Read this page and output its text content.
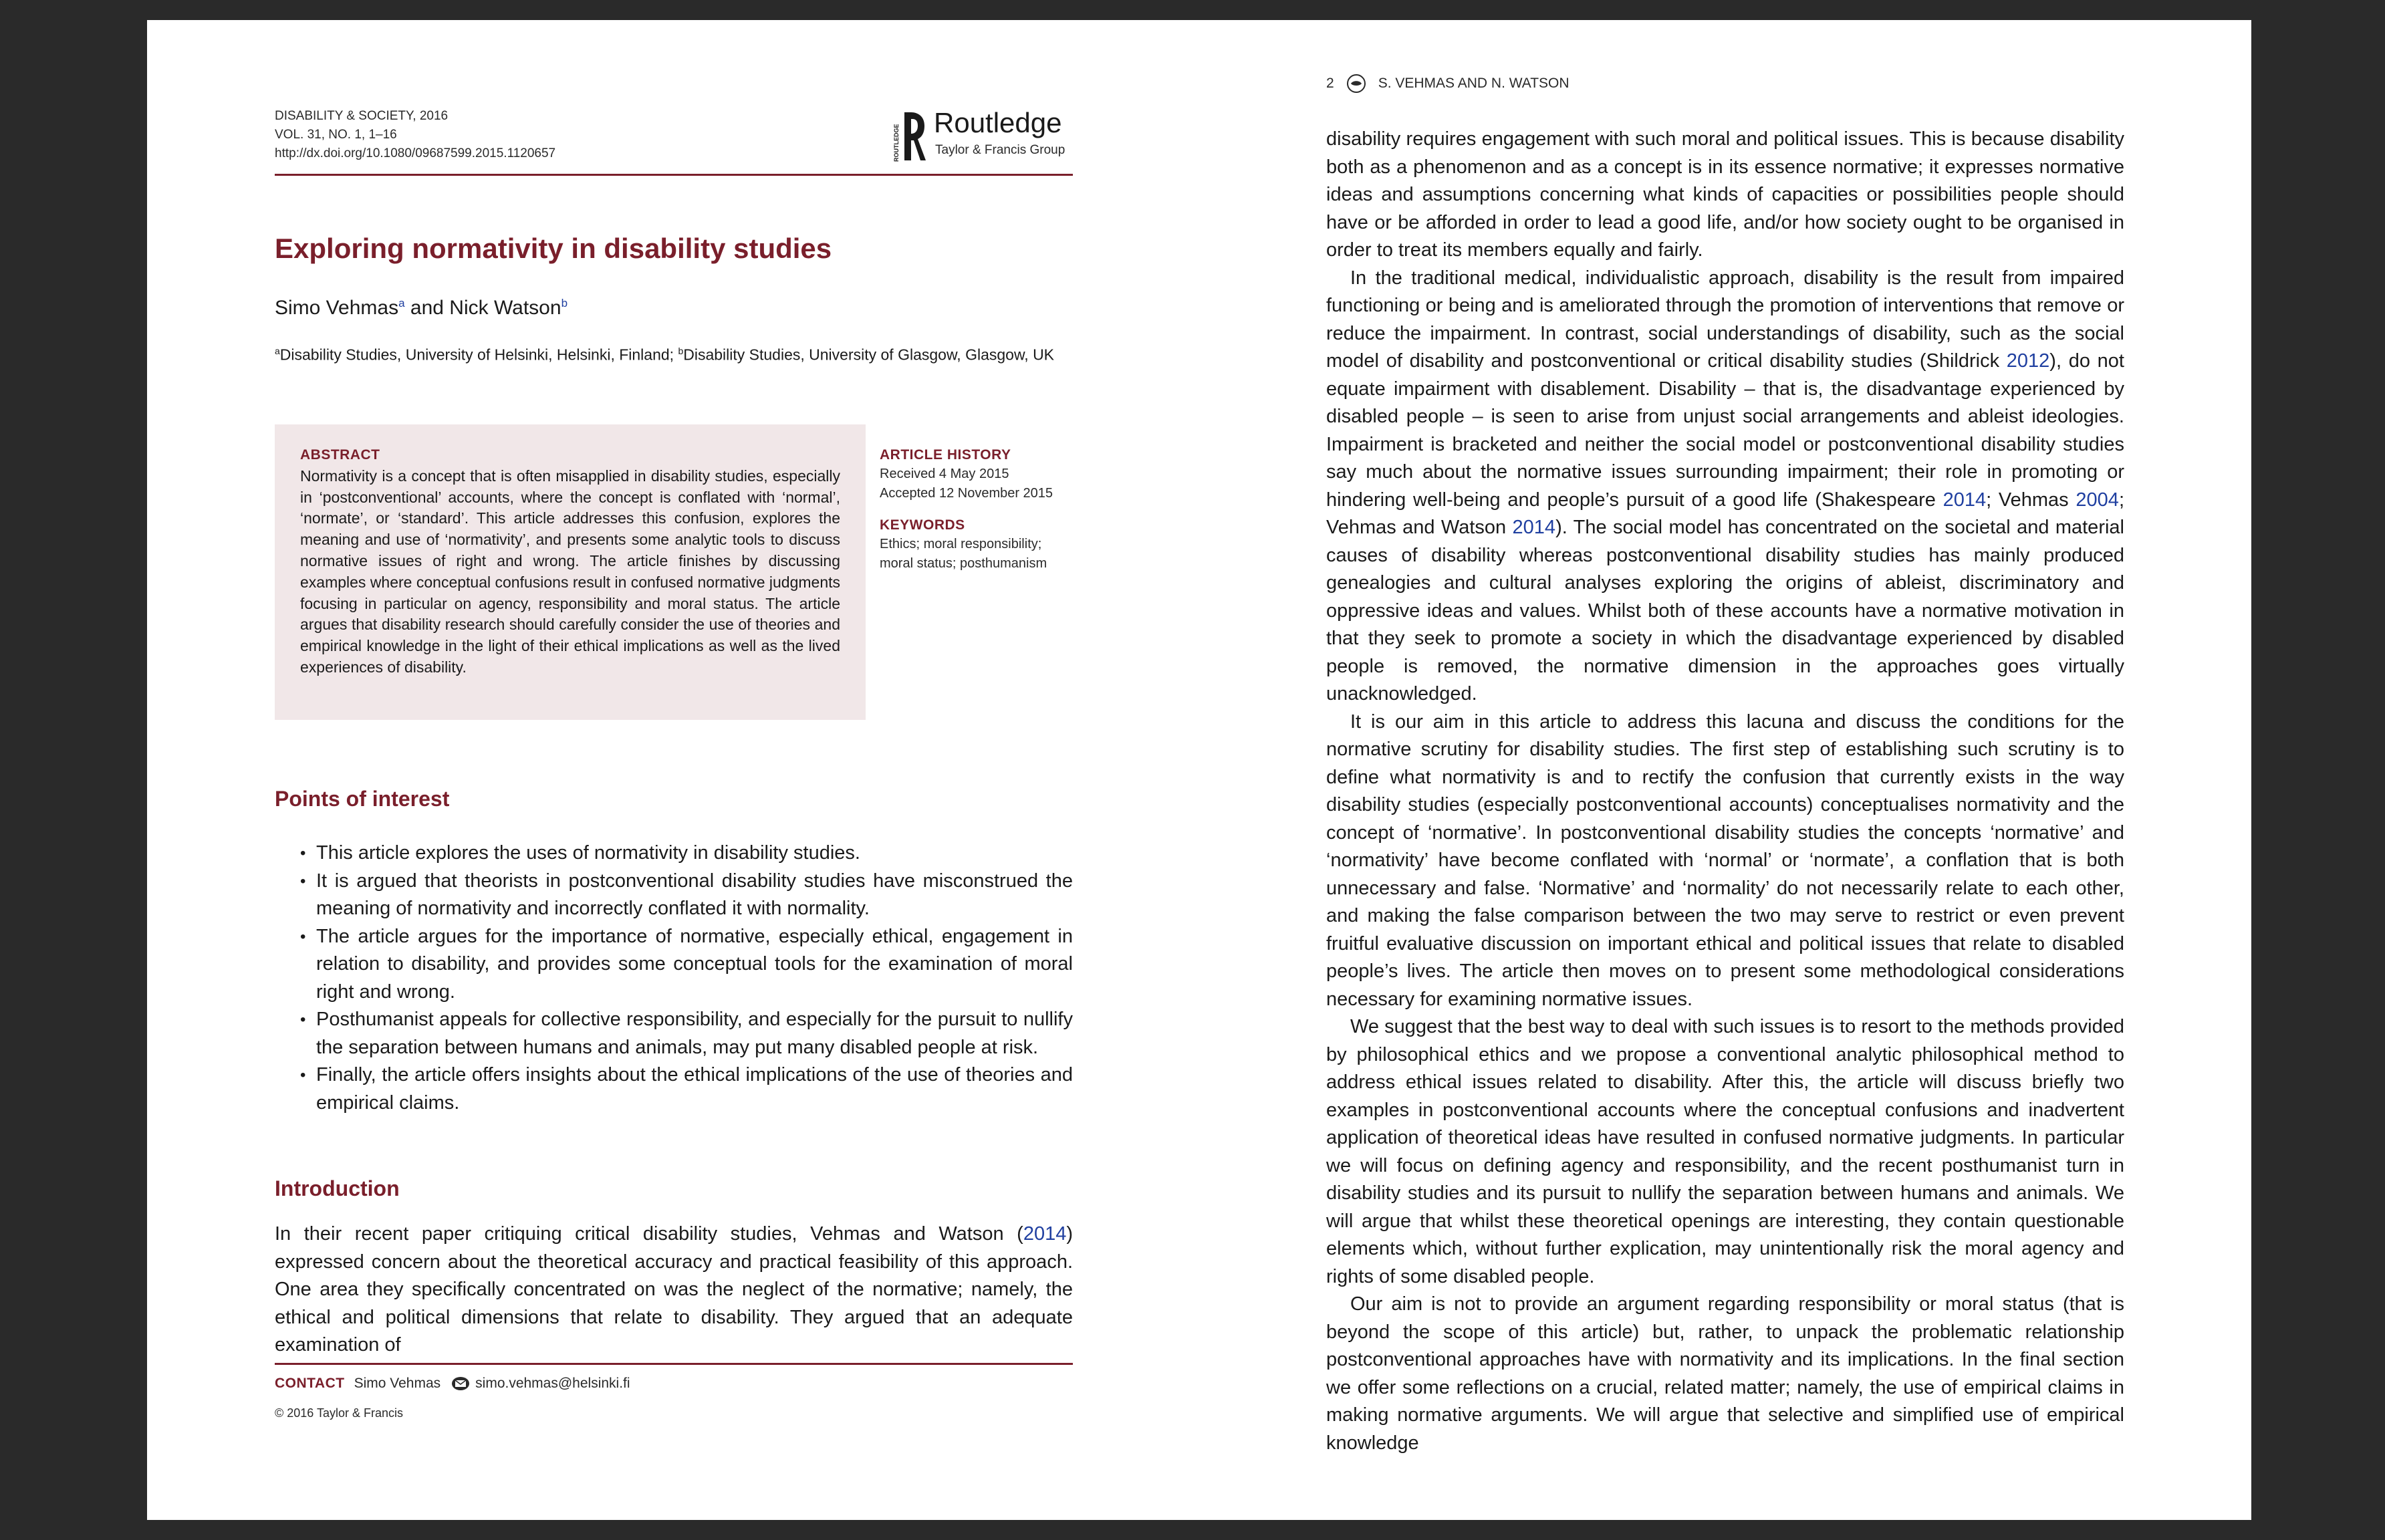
DISABILITY & SOCIETY, 2016
VOL. 31, NO. 1, 1–16
http://dx.doi.org/10.1080/09687599.2015.1120657	ROUTLEDGE
Routledge
Taylor & Francis Group
Exploring normativity in disability studies
Simo Vehmas$^a$ and Nick Watson$^b$
$^a$Disability Studies, University of Helsinki, Helsinki, Finland; $^b$Disability Studies, University of Glasgow, Glasgow, UK
ABSTRACT
Normativity is a concept that is often misapplied in disability studies, especially in ‘postconventional’ accounts, where the concept is conflated with ‘normal’, ‘normate’, or ‘standard’. This article addresses this confusion, explores the meaning and use of ‘normativity’, and presents some analytic tools to discuss normative issues of right and wrong. The article finishes by discussing examples where conceptual confusions result in confused normative judgments focusing in particular on agency, responsibility and moral status. The article argues that disability research should carefully consider the use of theories and empirical knowledge in the light of their ethical implications as well as the lived experiences of disability.
ARTICLE HISTORY
Received 4 May 2015
Accepted 12 November 2015
KEYWORDS
Ethics; moral responsibility; moral status; posthumanism
Points of interest
• This article explores the uses of normativity in disability studies.
• It is argued that theorists in postconventional disability studies have misconstrued the meaning of normativity and incorrectly conflated it with normality.
• The article argues for the importance of normative, especially ethical, engagement in relation to disability, and provides some conceptual tools for the examination of moral right and wrong.
• Posthumanist appeals for collective responsibility, and especially for the pursuit to nullify the separation between humans and animals, may put many disabled people at risk.
• Finally, the article offers insights about the ethical implications of the use of theories and empirical claims.
Introduction

In their recent paper critiquing critical disability studies, Vehmas and Watson (2014) expressed concern about the theoretical accuracy and practical feasibility of this approach. One area they specifically concentrated on was the neglect of the normative; namely, the ethical and political dimensions that relate to disability. They argued that an adequate examination of

CONTACT Simo Vehmas simo.vehmas@helsinki.fi
© 2016 Taylor & Francis
2	S. VEHMAS AND N. WATSON

disability requires engagement with such moral and political issues. This is because disability both as a phenomenon and as a concept is in its essence normative; it expresses normative ideas and assumptions concerning what kinds of capacities or possibilities people should have or be afforded in order to lead a good life, and/or how society ought to be organised in order to treat its members equally and fairly.

In the traditional medical, individualistic approach, disability is the result from impaired functioning or being and is ameliorated through the promotion of interventions that remove or reduce the impairment. In contrast, social understandings of disability, such as the social model of disability and postconventional or critical disability studies (Shildrick 2012), do not equate impairment with disablement. Disability – that is, the disadvantage experienced by disabled people – is seen to arise from unjust social arrangements and ableist ideologies. Impairment is bracketed and neither the social model or postconventional disability studies say much about the normative issues surrounding impairment; their role in promoting or hindering well-being and people’s pursuit of a good life (Shakespeare 2014; Vehmas 2004; Vehmas and Watson 2014). The social model has concentrated on the societal and material causes of disability whereas postconventional disability studies has mainly produced genealogies and cultural analyses exploring the origins of ableist, discriminatory and oppressive ideas and values. Whilst both of these accounts have a normative motivation in that they seek to promote a society in which the disadvantage experienced by disabled people is removed, the normative dimension in the approaches goes virtually unacknowledged.

It is our aim in this article to address this lacuna and discuss the conditions for the normative scrutiny for disability studies. The first step of establishing such scrutiny is to define what normativity is and to rectify the confusion that currently exists in the way disability studies (especially postconventional accounts) conceptualises normativity and the concept of ‘normative’. In postconventional disability studies the concepts ‘normative’ and ‘normativity’ have become conflated with ‘normal’ or ‘normate’, a conflation that is both unnecessary and false. ‘Normative’ and ‘normality’ do not necessarily relate to each other, and making the false comparison between the two may serve to restrict or even prevent fruitful evaluative discussion on important ethical and political issues that relate to disabled people’s lives. The article then moves on to present some methodological considerations necessary for examining normative issues.

We suggest that the best way to deal with such issues is to resort to the methods provided by philosophical ethics and we propose a conventional analytic philosophical method to address ethical issues related to disability. After this, the article will discuss briefly two examples in postconventional accounts where the conceptual confusions and inadvertent application of theoretical ideas have resulted in confused normative judgments. In particular we will focus on defining agency and responsibility, and the recent posthumanist turn in disability studies and its pursuit to nullify the separation between humans and animals. We will argue that whilst these theoretical openings are interesting, they contain questionable elements which, without further explication, may unintentionally risk the moral agency and rights of some disabled people.

Our aim is not to provide an argument regarding responsibility or moral status (that is beyond the scope of this article) but, rather, to unpack the problematic relationship postconventional approaches have with normativity and its implications. In the final section we offer some reflections on a crucial, related matter; namely, the use of empirical claims in making normative arguments. We will argue that selective and simplified use of empirical knowledge
